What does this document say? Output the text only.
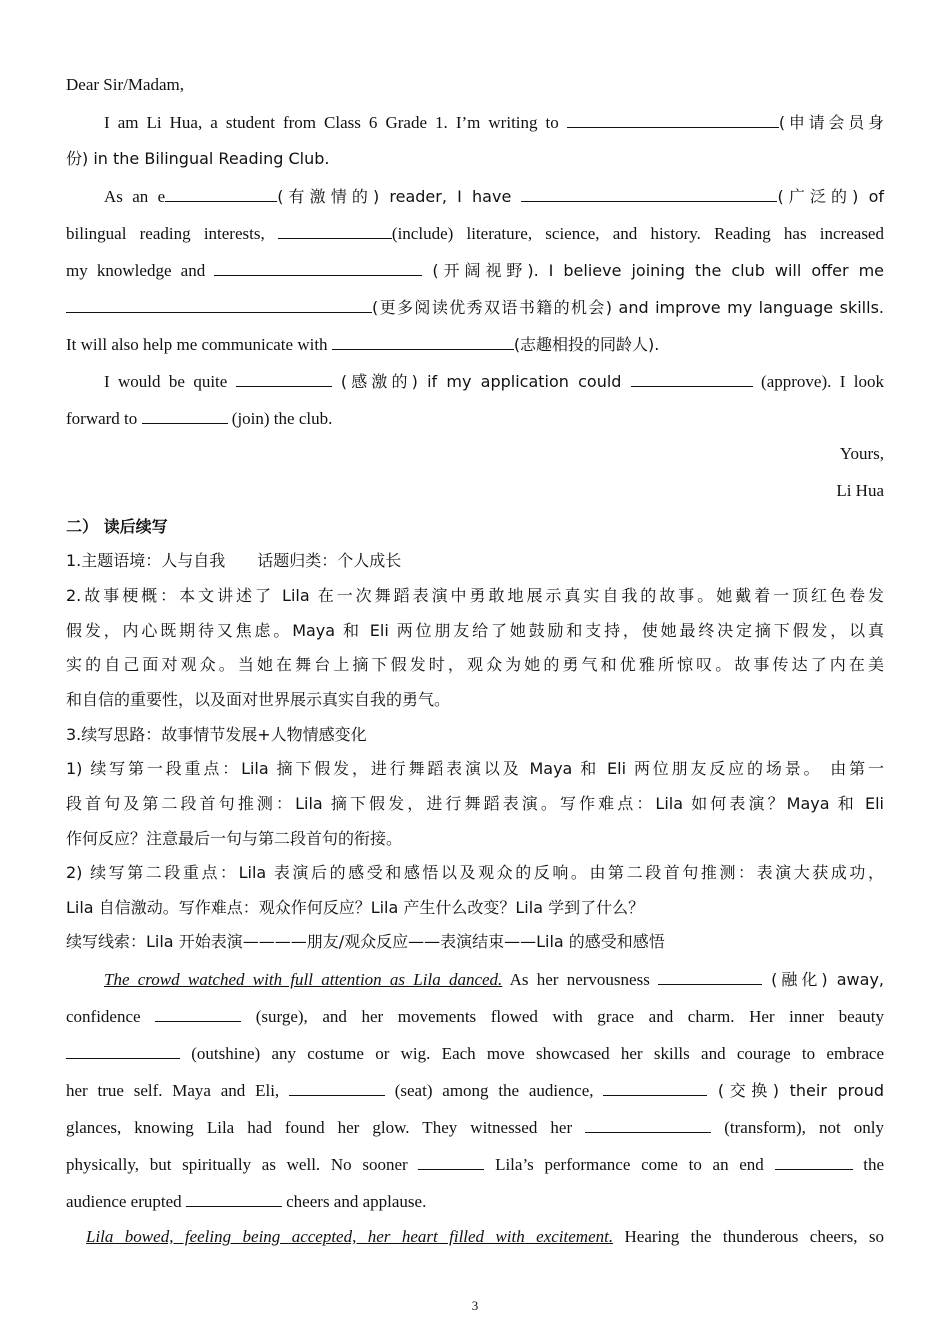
Dear Sir/Madam,
I am Li Hua, a student from Class 6 Grade 1. I’m writing to	(申请会员身
份) in the Bilingual Reading Club.
As an e	(有激情的) reader, I have	(广泛的) of
bilingual reading interests,	(include) literature, science, and history. Reading has increased
my knowledge and	(开阔视野). I believe joining the club will offer me
(更多阅读优秀双语书籍的机会) and improve my language skills.
It will also help me communicate with	(志趣相投的同龄人).
I would be quite	(感激的) if my application could	(approve). I look
forward to	(join) the club.
Yours,
Li Hua
二） 读后续写
1.主题语境：人与自我　　话题归类：个人成长
2.故事梗概：本文讲述了 Lila 在一次舞蹈表演中勇敢地展示真实自我的故事。她戴着一顶红色卷发
假发，内心既期待又焦虑。Maya 和 Eli 两位朋友给了她鼓励和支持，使她最终决定摘下假发，以真
实的自己面对观众。当她在舞台上摘下假发时，观众为她的勇气和优雅所惊叹。故事传达了内在美
和自信的重要性，以及面对世界展示真实自我的勇气。
3.续写思路：故事情节发展+人物情感变化
1) 续写第一段重点：Lila 摘下假发，进行舞蹈表演以及 Maya 和 Eli 两位朋友反应的场景。 由第一
段首句及第二段首句推测：Lila 摘下假发，进行舞蹈表演。写作难点：Lila 如何表演？Maya 和 Eli
作何反应？注意最后一句与第二段首句的衔接。
2) 续写第二段重点：Lila 表演后的感受和感悟以及观众的反响。由第二段首句推测：表演大获成功，
Lila 自信激动。写作难点：观众作何反应？Lila 产生什么改变？Lila 学到了什么？
续写线索：Lila 开始表演————朋友/观众反应——表演结束——Lila 的感受和感悟
The crowd watched with full attention as Lila danced. As her nervousness	(融化) away,
confidence	(surge), and her movements flowed with grace and charm. Her inner beauty
(outshine) any costume or wig. Each move showcased her skills and courage to embrace
her true self. Maya and Eli,	(seat) among the audience,	(交换) their proud
glances, knowing Lila had found her glow. They witnessed her	(transform), not only
physically, but spiritually as well. No sooner	Lila’s performance come to an end	the
audience erupted	cheers and applause.
Lila bowed, feeling being accepted, her heart filled with excitement. Hearing the thunderous cheers, so
3
